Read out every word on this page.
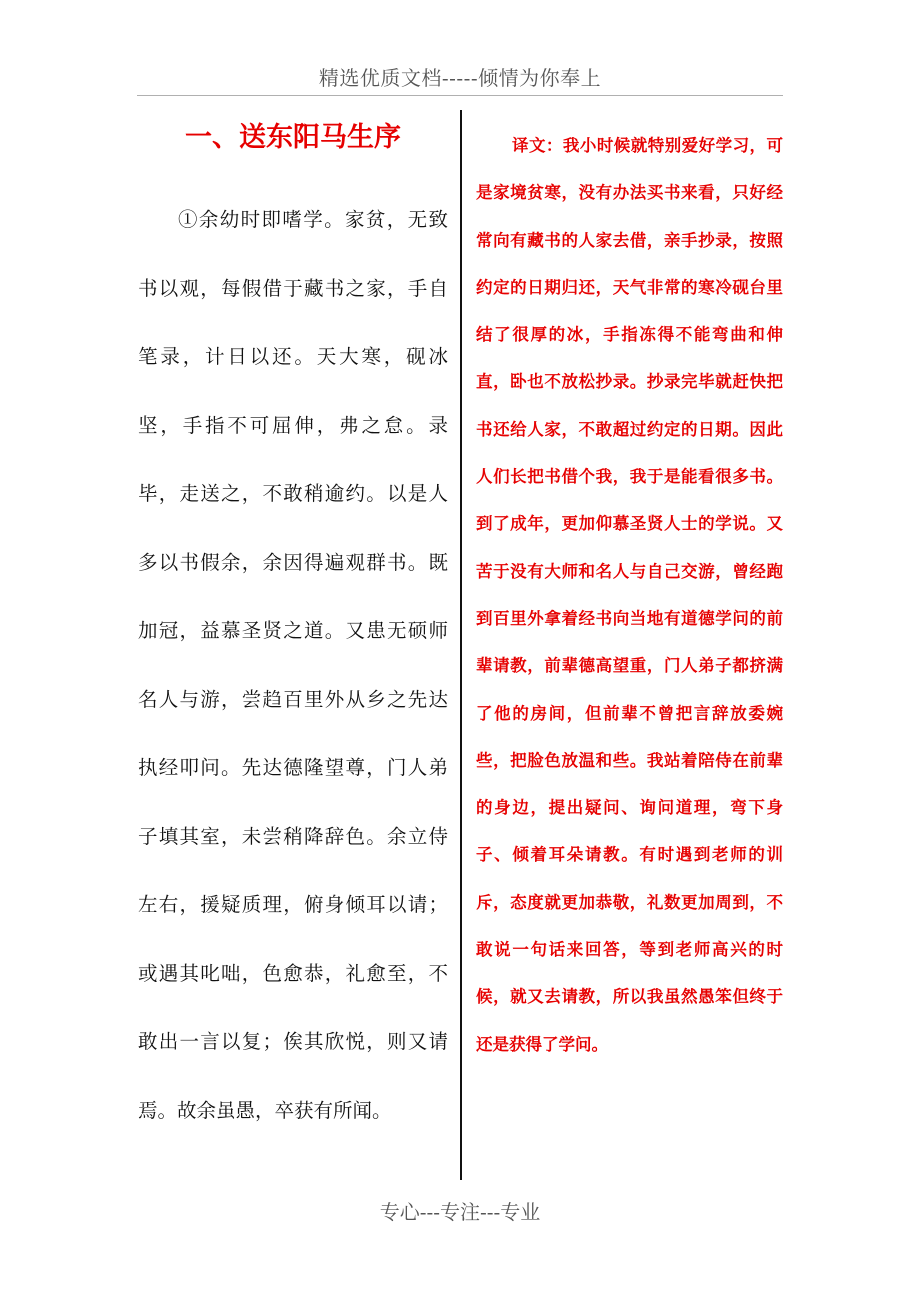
精选优质文档-----倾情为你奉上
一、送东阳马生序

①余幼时即嗜学。家贫，无致书以观，每假借于藏书之家，手自笔录，计日以还。天大寒，砚冰坚，手指不可屈伸，弗之怠。录毕，走送之，不敢稍逾约。以是人多以书假余，余因得遍观群书。既加冠，益慕圣贤之道。又患无硕师名人与游，尝趋百里外从乡之先达执经叩问。先达德隆望尊，门人弟子填其室，未尝稍降辞色。余立侍左右，援疑质理，俯身倾耳以请；或遇其叱咄，色愈恭，礼愈至，不敢出一言以复；俟其欣悦，则又请焉。故余虽愚，卒获有所闻。

译文：我小时候就特别爱好学习，可是家境贫寒，没有办法买书来看，只好经常向有藏书的人家去借，亲手抄录，按照约定的日期归还，天气非常的寒冷砚台里结了很厚的冰，手指冻得不能弯曲和伸直，卧也不放松抄录。抄录完毕就赶快把书还给人家，不敢超过约定的日期。因此人们长把书借个我，我于是能看很多书。到了成年，更加仰慕圣贤人士的学说。又苦于没有大师和名人与自己交游，曾经跑到百里外拿着经书向当地有道德学问的前辈请教，前辈德高望重，门人弟子都挤满了他的房间，但前辈不曾把言辞放委婉些，把脸色放温和些。我站着陪侍在前辈的身边，提出疑问、询问道理，弯下身子、倾着耳朵请教。有时遇到老师的训斥，态度就更加恭敬，礼数更加周到，不敢说一句话来回答，等到老师高兴的时候，就又去请教，所以我虽然愚笨但终于还是获得了学问。

专心---专注---专业
